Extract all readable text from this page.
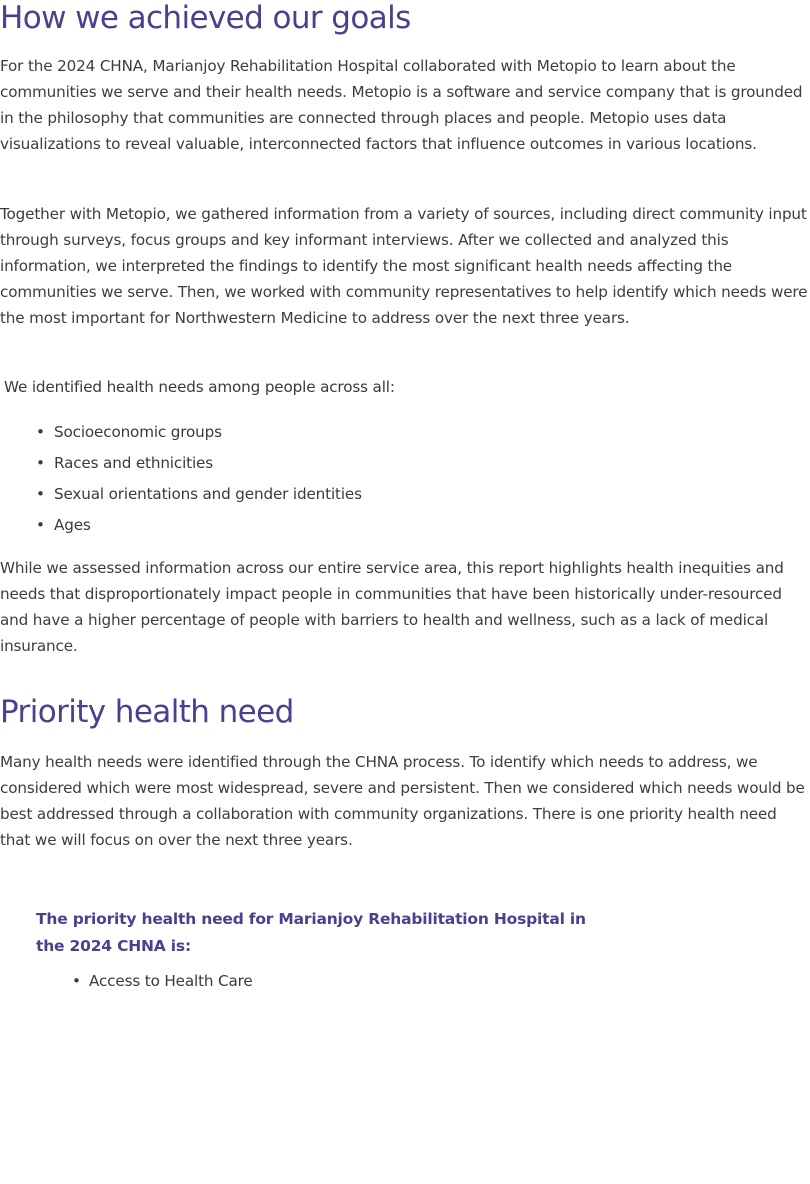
How we achieved our goals

For the 2024 CHNA, Marianjoy Rehabilitation Hospital collaborated with Metopio to learn about the communities we serve and their health needs. Metopio is a software and service company that is grounded in the philosophy that communities are connected through places and people. Metopio uses data visualizations to reveal valuable, interconnected factors that influence outcomes in various locations.

Together with Metopio, we gathered information from a variety of sources, including direct community input through surveys, focus groups and key informant interviews. After we collected and analyzed this information, we interpreted the findings to identify the most significant health needs affecting the communities we serve. Then, we worked with community representatives to help identify which needs were the most important for Northwestern Medicine to address over the next three years.

We identified health needs among people across all:

• Socioeconomic groups
• Races and ethnicities
• Sexual orientations and gender identities
• Ages

While we assessed information across our entire service area, this report highlights health inequities and needs that disproportionately impact people in communities that have been historically under-resourced and have a higher percentage of people with barriers to health and wellness, such as a lack of medical insurance.

Priority health need

Many health needs were identified through the CHNA process. To identify which needs to address, we considered which were most widespread, severe and persistent. Then we considered which needs would be best addressed through a collaboration with community organizations. There is one priority health need that we will focus on over the next three years.

The priority health need for Marianjoy Rehabilitation Hospital in the 2024 CHNA is:

• Access to Health Care
